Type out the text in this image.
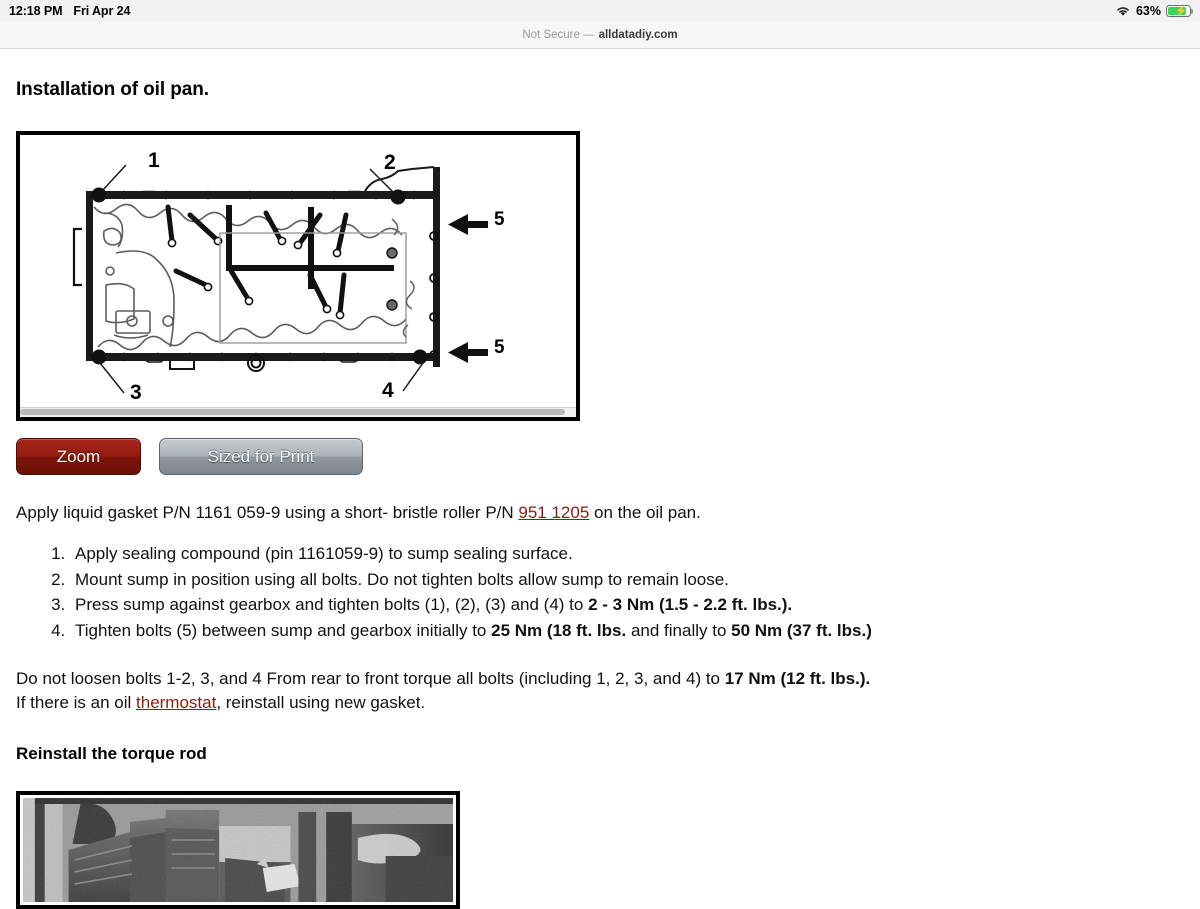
12:18 PM Fri Apr 24	63% ⚡
Not Secure — alldatadiy.com
Installation of oil pan.
1	2
3	4
5
5
Zoom	Sized for Print

Apply liquid gasket P/N 1161 059-9 using a short- bristle roller P/N 951 1205 on the oil pan.

1. Apply sealing compound (pin 1161059-9) to sump sealing surface.
2. Mount sump in position using all bolts. Do not tighten bolts allow sump to remain loose.
3. Press sump against gearbox and tighten bolts (1), (2), (3) and (4) to 2 - 3 Nm (1.5 - 2.2 ft. lbs.).
4. Tighten bolts (5) between sump and gearbox initially to 25 Nm (18 ft. lbs. and finally to 50 Nm (37 ft. lbs.)

Do not loosen bolts 1-2, 3, and 4 From rear to front torque all bolts (including 1, 2, 3, and 4) to 17 Nm (12 ft. lbs.).
If there is an oil thermostat, reinstall using new gasket.

Reinstall the torque rod
